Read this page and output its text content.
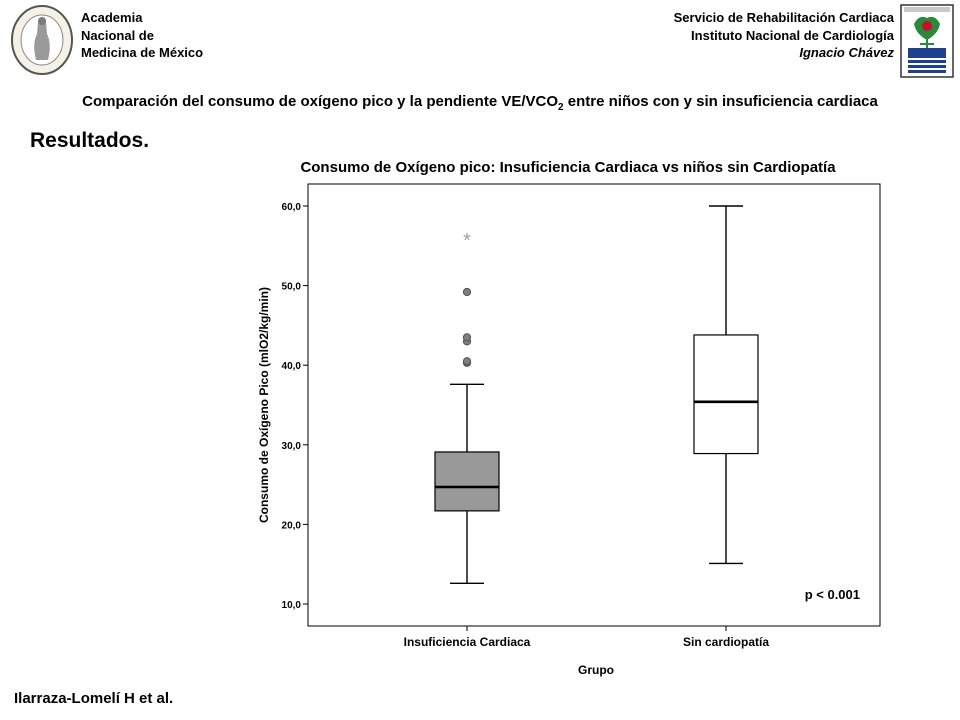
Academia
Nacional de
Medicina de México
Servicio de Rehabilitación Cardiaca
Instituto Nacional de Cardiología
Ignacio Chávez
Comparación del consumo de oxígeno pico y la pendiente $VE/VCO_2$ entre niños con y sin insuficiencia cardiaca
Resultados.
Consumo de Oxígeno pico: Insuficiencia Cardiaca vs niños sin Cardiopatía
10,0
20,0
30,0
40,0
50,0
60,0
*
Insuficiencia Cardiaca	Sin cardiopatía
Consumo de Oxígeno Pico (mlO2/kg/min)
Grupo
p < 0.001
Ilarraza-Lomelí H et al.
